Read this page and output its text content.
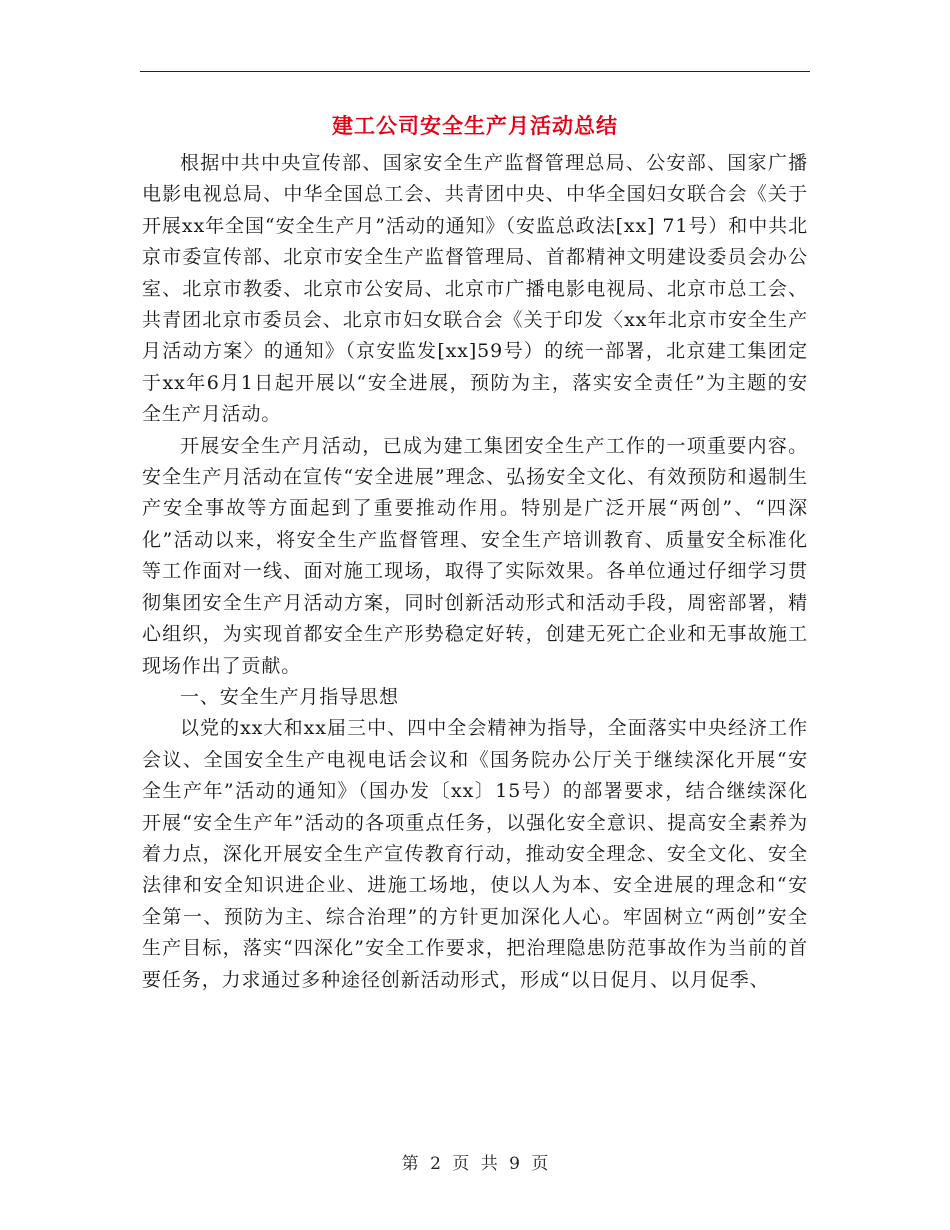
建工公司安全生产月活动总结

根据中共中央宣传部、国家安全生产监督管理总局、公安部、国家广播电影电视总局、中华全国总工会、共青团中央、中华全国妇女联合会《关于开展xx年全国“安全生产月”活动的通知》（安监总政法[xx] 71号）和中共北京市委宣传部、北京市安全生产监督管理局、首都精神文明建设委员会办公室、北京市教委、北京市公安局、北京市广播电影电视局、北京市总工会、共青团北京市委员会、北京市妇女联合会《关于印发〈xx年北京市安全生产月活动方案〉的通知》（京安监发[xx]59号）的统一部署，北京建工集团定于xx年6月1日起开展以“安全进展，预防为主，落实安全责任”为主题的安全生产月活动。

开展安全生产月活动，已成为建工集团安全生产工作的一项重要内容。安全生产月活动在宣传“安全进展”理念、弘扬安全文化、有效预防和遏制生产安全事故等方面起到了重要推动作用。特别是广泛开展“两创”、“四深化”活动以来，将安全生产监督管理、安全生产培训教育、质量安全标准化等工作面对一线、面对施工现场，取得了实际效果。各单位通过仔细学习贯彻集团安全生产月活动方案，同时创新活动形式和活动手段，周密部署，精心组织，为实现首都安全生产形势稳定好转，创建无死亡企业和无事故施工现场作出了贡献。

一、安全生产月指导思想

以党的xx大和xx届三中、四中全会精神为指导，全面落实中央经济工作会议、全国安全生产电视电话会议和《国务院办公厅关于继续深化开展“安全生产年”活动的通知》（国办发〔xx〕15号）的部署要求，结合继续深化开展“安全生产年”活动的各项重点任务，以强化安全意识、提高安全素养为着力点，深化开展安全生产宣传教育行动，推动安全理念、安全文化、安全法律和安全知识进企业、进施工场地，使以人为本、安全进展的理念和“安全第一、预防为主、综合治理”的方针更加深化人心。牢固树立“两创”安全生产目标，落实“四深化”安全工作要求，把治理隐患防范事故作为当前的首要任务，力求通过多种途径创新活动形式，形成“以日促月、以月促季、

第 2 页 共 9 页
